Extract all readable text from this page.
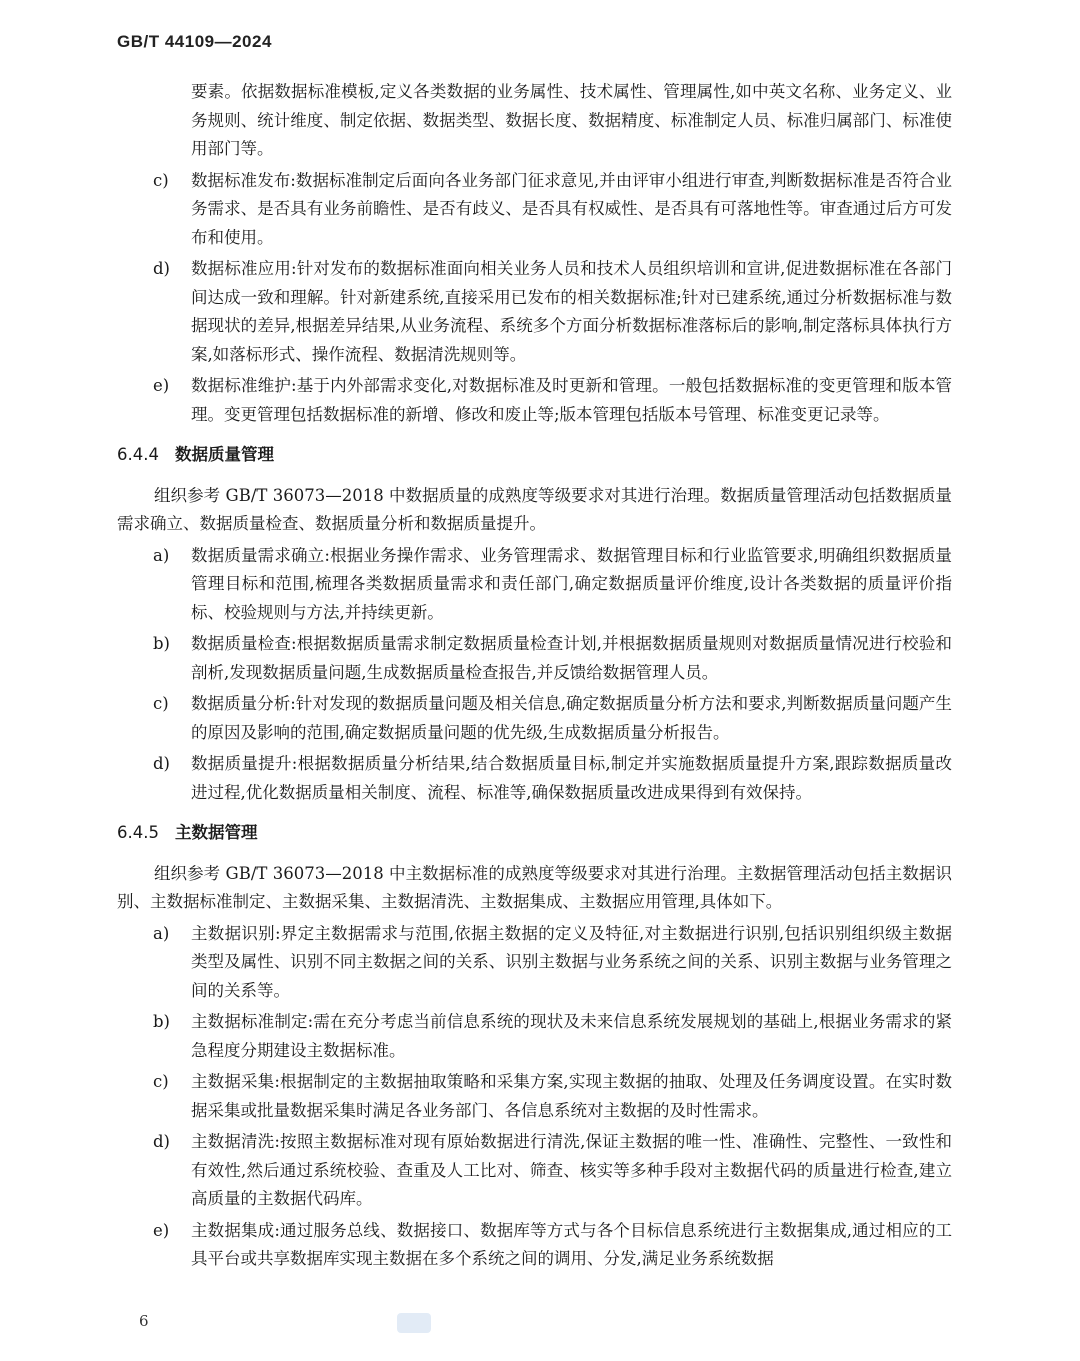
GB/T 44109—2024
要素。依据数据标准模板,定义各类数据的业务属性、技术属性、管理属性,如中英文名称、业务定义、业务规则、统计维度、制定依据、数据类型、数据长度、数据精度、标准制定人员、标准归属部门、标准使用部门等。
c) 数据标准发布:数据标准制定后面向各业务部门征求意见,并由评审小组进行审查,判断数据标准是否符合业务需求、是否具有业务前瞻性、是否有歧义、是否具有权威性、是否具有可落地性等。审查通过后方可发布和使用。
d) 数据标准应用:针对发布的数据标准面向相关业务人员和技术人员组织培训和宣讲,促进数据标准在各部门间达成一致和理解。针对新建系统,直接采用已发布的相关数据标准;针对已建系统,通过分析数据标准与数据现状的差异,根据差异结果,从业务流程、系统多个方面分析数据标准落标后的影响,制定落标具体执行方案,如落标形式、操作流程、数据清洗规则等。
e) 数据标准维护:基于内外部需求变化,对数据标准及时更新和管理。一般包括数据标准的变更管理和版本管理。变更管理包括数据标准的新增、修改和废止等;版本管理包括版本号管理、标准变更记录等。
6.4.4 数据质量管理
组织参考 GB/T 36073—2018 中数据质量的成熟度等级要求对其进行治理。数据质量管理活动包括数据质量需求确立、数据质量检查、数据质量分析和数据质量提升。
a) 数据质量需求确立:根据业务操作需求、业务管理需求、数据管理目标和行业监管要求,明确组织数据质量管理目标和范围,梳理各类数据质量需求和责任部门,确定数据质量评价维度,设计各类数据的质量评价指标、校验规则与方法,并持续更新。
b) 数据质量检查:根据数据质量需求制定数据质量检查计划,并根据数据质量规则对数据质量情况进行校验和剖析,发现数据质量问题,生成数据质量检查报告,并反馈给数据管理人员。
c) 数据质量分析:针对发现的数据质量问题及相关信息,确定数据质量分析方法和要求,判断数据质量问题产生的原因及影响的范围,确定数据质量问题的优先级,生成数据质量分析报告。
d) 数据质量提升:根据数据质量分析结果,结合数据质量目标,制定并实施数据质量提升方案,跟踪数据质量改进过程,优化数据质量相关制度、流程、标准等,确保数据质量改进成果得到有效保持。
6.4.5 主数据管理
组织参考 GB/T 36073—2018 中主数据标准的成熟度等级要求对其进行治理。主数据管理活动包括主数据识别、主数据标准制定、主数据采集、主数据清洗、主数据集成、主数据应用管理,具体如下。
a) 主数据识别:界定主数据需求与范围,依据主数据的定义及特征,对主数据进行识别,包括识别组织级主数据类型及属性、识别不同主数据之间的关系、识别主数据与业务系统之间的关系、识别主数据与业务管理之间的关系等。
b) 主数据标准制定:需在充分考虑当前信息系统的现状及未来信息系统发展规划的基础上,根据业务需求的紧急程度分期建设主数据标准。
c) 主数据采集:根据制定的主数据抽取策略和采集方案,实现主数据的抽取、处理及任务调度设置。在实时数据采集或批量数据采集时满足各业务部门、各信息系统对主数据的及时性需求。
d) 主数据清洗:按照主数据标准对现有原始数据进行清洗,保证主数据的唯一性、准确性、完整性、一致性和有效性,然后通过系统校验、查重及人工比对、筛查、核实等多种手段对主数据代码的质量进行检查,建立高质量的主数据代码库。
e) 主数据集成:通过服务总线、数据接口、数据库等方式与各个目标信息系统进行主数据集成,通过相应的工具平台或共享数据库实现主数据在多个系统之间的调用、分发,满足业务系统数据
6
